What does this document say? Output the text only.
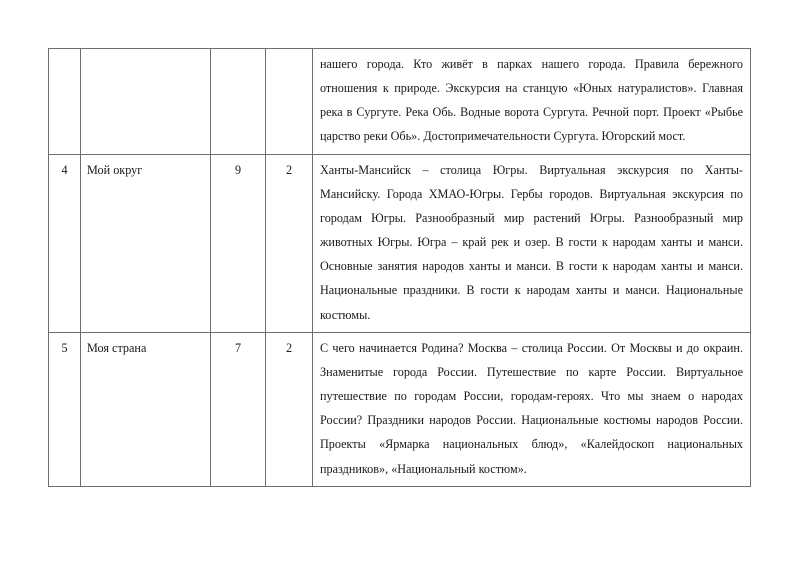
				нашего города. Кто живёт в парках нашего города. Правила бережного отношения к природе. Экскурсия на станцую «Юных натуралистов». Главная река в Сургуте. Река Обь. Водные ворота Сургута. Речной порт. Проект «Рыбье царство реки Обь». Достопримечательности Сургута. Югорский мост.

4	Мой округ	9	2	Ханты-Мансийск – столица Югры. Виртуальная экскурсия по Ханты-Мансийску. Города ХМАО-Югры. Гербы городов. Виртуальная экскурсия по городам Югры. Разнообразный мир растений Югры. Разнообразный мир животных Югры. Югра – край рек и озер. В гости к народам ханты и манси. Основные занятия народов ханты и манси. В гости к народам ханты и манси. Национальные праздники. В гости к народам ханты и манси. Национальные костюмы.

5	Моя страна	7	2	С чего начинается Родина? Москва – столица России. От Москвы и до окраин. Знаменитые города России. Путешествие по карте России. Виртуальное путешествие по городам России, городам-героях. Что мы знаем о народах России? Праздники народов России. Национальные костюмы народов России. Проекты «Ярмарка национальных блюд», «Калейдоскоп национальных праздников», «Национальный костюм».
